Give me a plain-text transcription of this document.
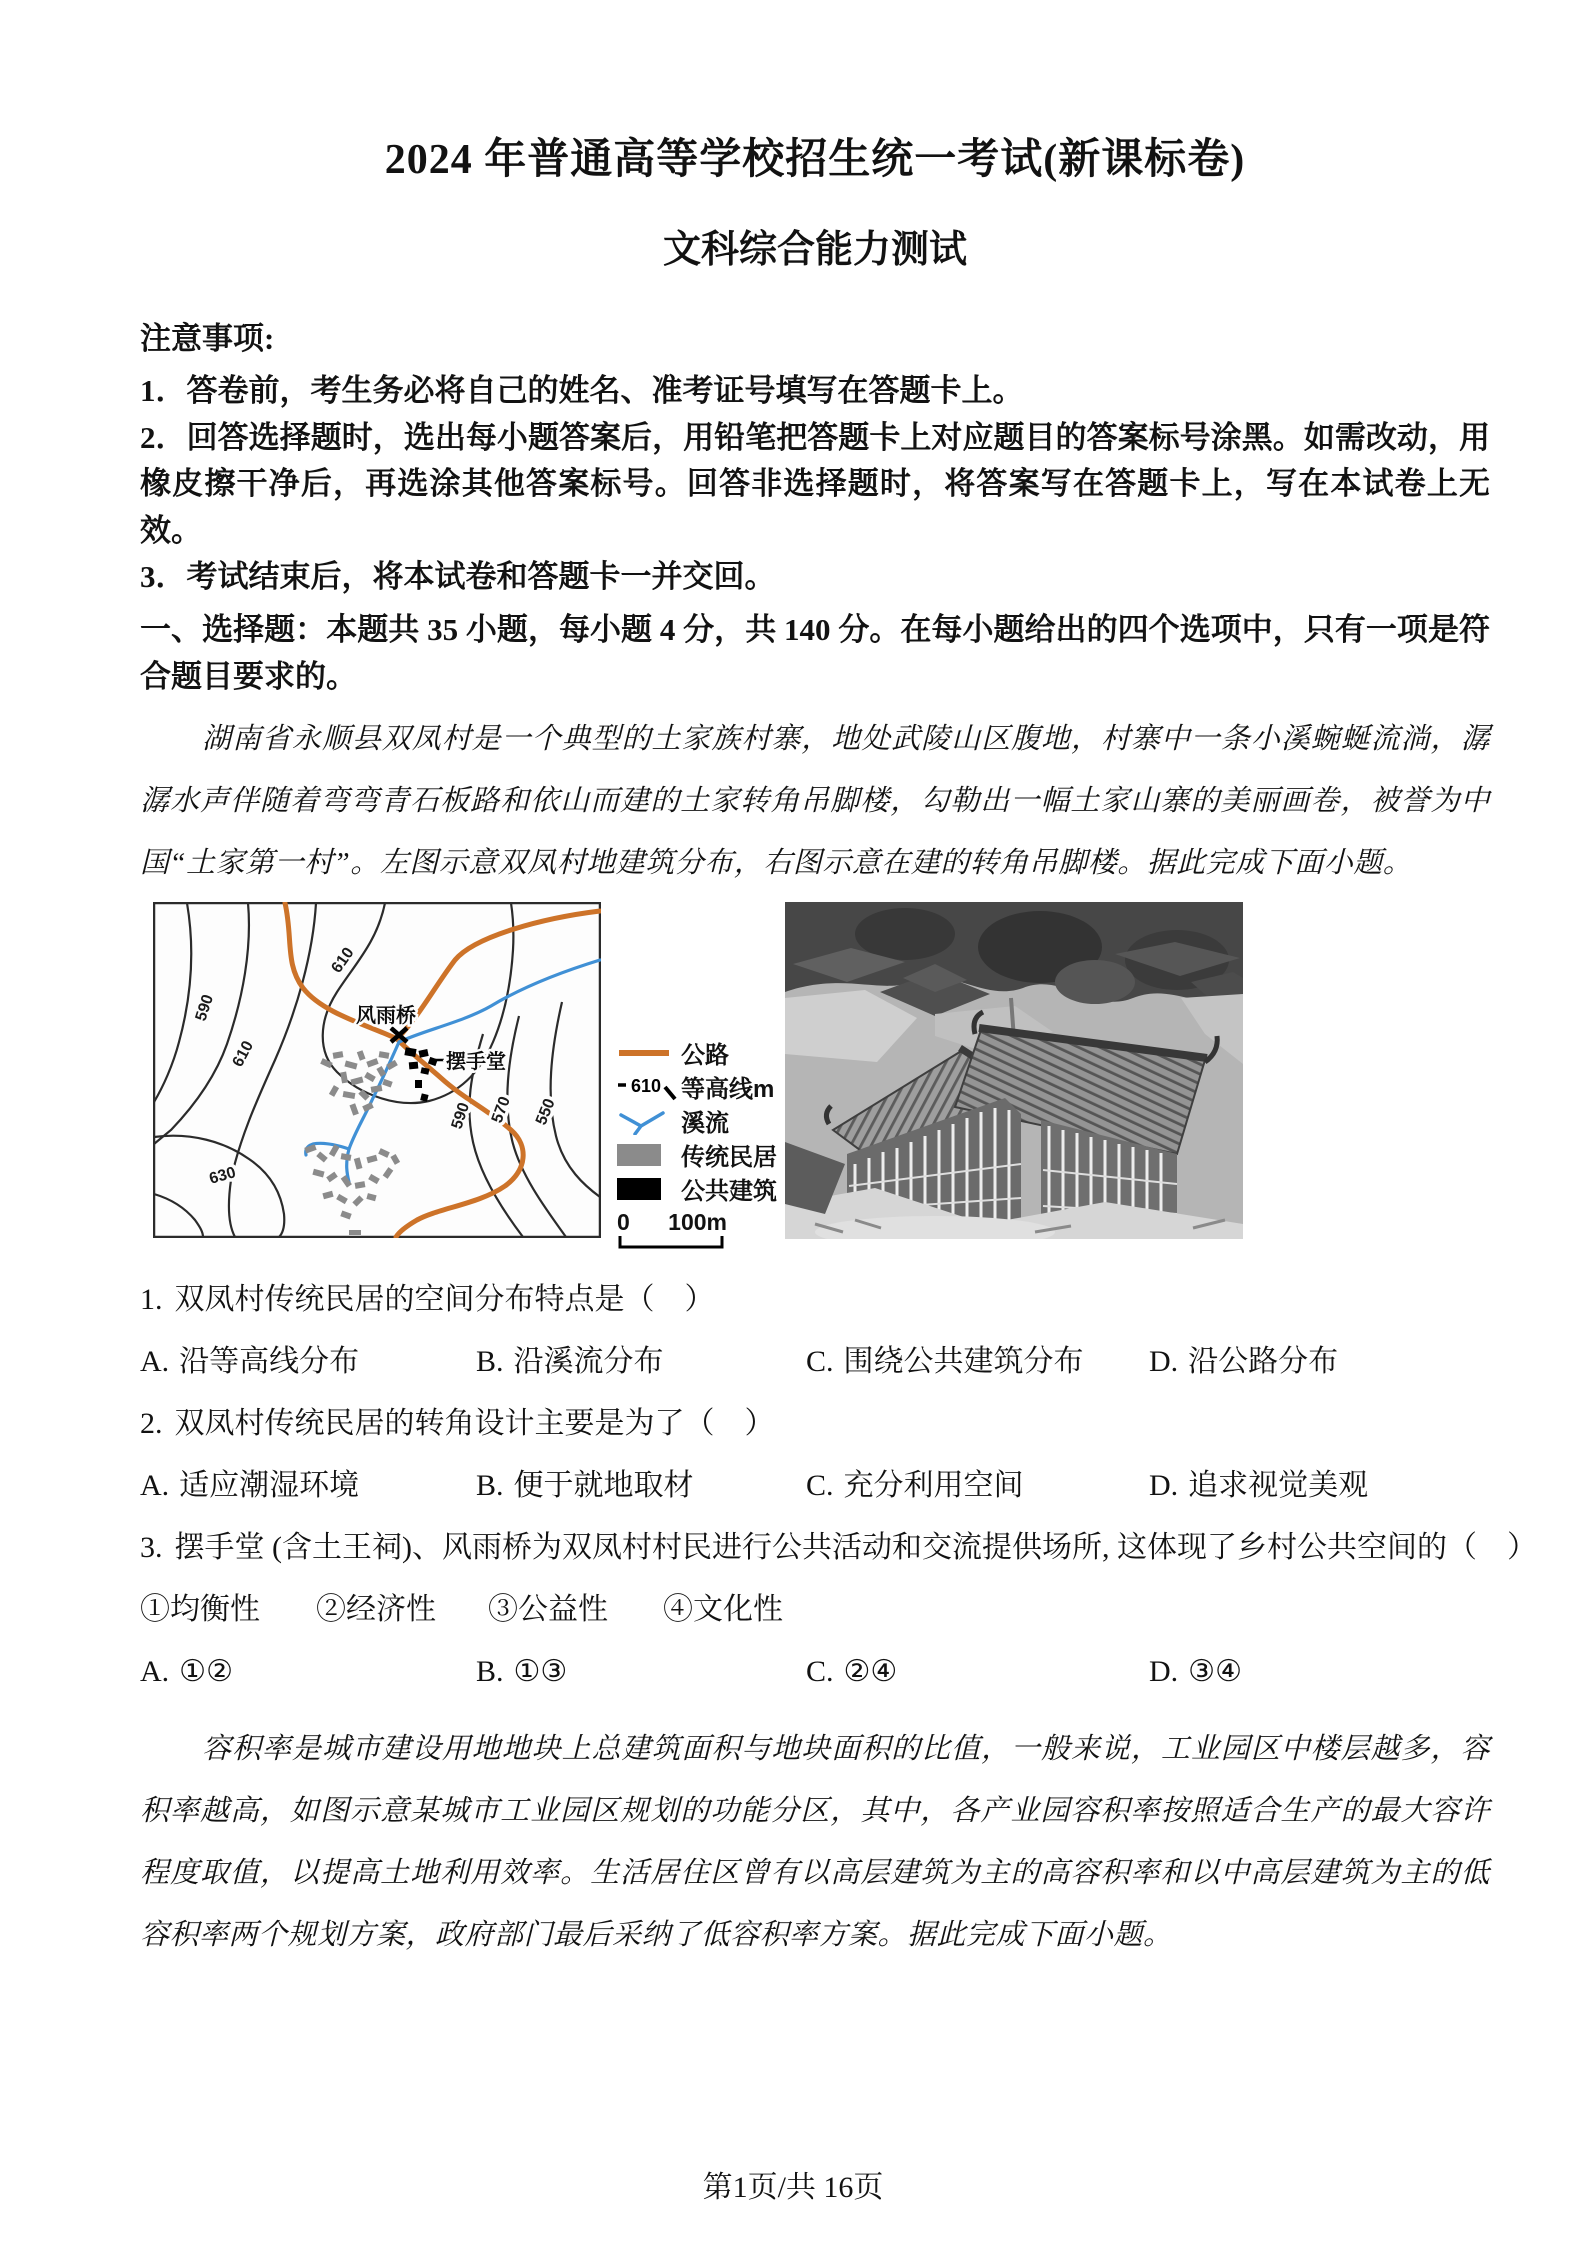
2024 年普通高等学校招生统一考试(新课标卷)
文科综合能力测试
注意事项:
1．答卷前，考生务必将自己的姓名、准考证号填写在答题卡上。
2．回答选择题时，选出每小题答案后，用铅笔把答题卡上对应题目的答案标号涂黑。如需改动，用橡皮擦干净后，再选涂其他答案标号。回答非选择题时，将答案写在答题卡上，写在本试卷上无效。
3．考试结束后，将本试卷和答题卡一并交回。
一、选择题：本题共 35 小题，每小题 4 分，共 140 分。在每小题给出的四个选项中，只有一项是符合题目要求的。
湖南省永顺县双凤村是一个典型的土家族村寨，地处武陵山区腹地，村寨中一条小溪蜿蜒流淌，潺潺水声伴随着弯弯青石板路和依山而建的土家转角吊脚楼，勾勒出一幅土家山寨的美丽画卷，被誉为中国“土家第一村”。左图示意双凤村地建筑分布，右图示意在建的转角吊脚楼。据此完成下面小题。
风雨桥
摆手堂
590
610
610
630
590 570 550
公路
610 等高线m
溪流
传统民居
公共建筑
0 100m
1. 双凤村传统民居的空间分布特点是（　）
A. 沿等高线分布	B. 沿溪流分布	C. 围绕公共建筑分布	D. 沿公路分布
2. 双凤村传统民居的转角设计主要是为了（　）
A. 适应潮湿环境	B. 便于就地取材	C. 充分利用空间	D. 追求视觉美观
3. 摆手堂 (含土王祠)、风雨桥为双凤村村民进行公共活动和交流提供场所, 这体现了乡村公共空间的（　）
①均衡性	②经济性	③公益性	④文化性
A. ①②	B. ①③	C. ②④	D. ③④
容积率是城市建设用地地块上总建筑面积与地块面积的比值，一般来说，工业园区中楼层越多，容积率越高，如图示意某城市工业园区规划的功能分区，其中，各产业园容积率按照适合生产的最大容许程度取值，以提高土地利用效率。生活居住区曾有以高层建筑为主的高容积率和以中高层建筑为主的低容积率两个规划方案，政府部门最后采纳了低容积率方案。据此完成下面小题。
第1页/共 16页
